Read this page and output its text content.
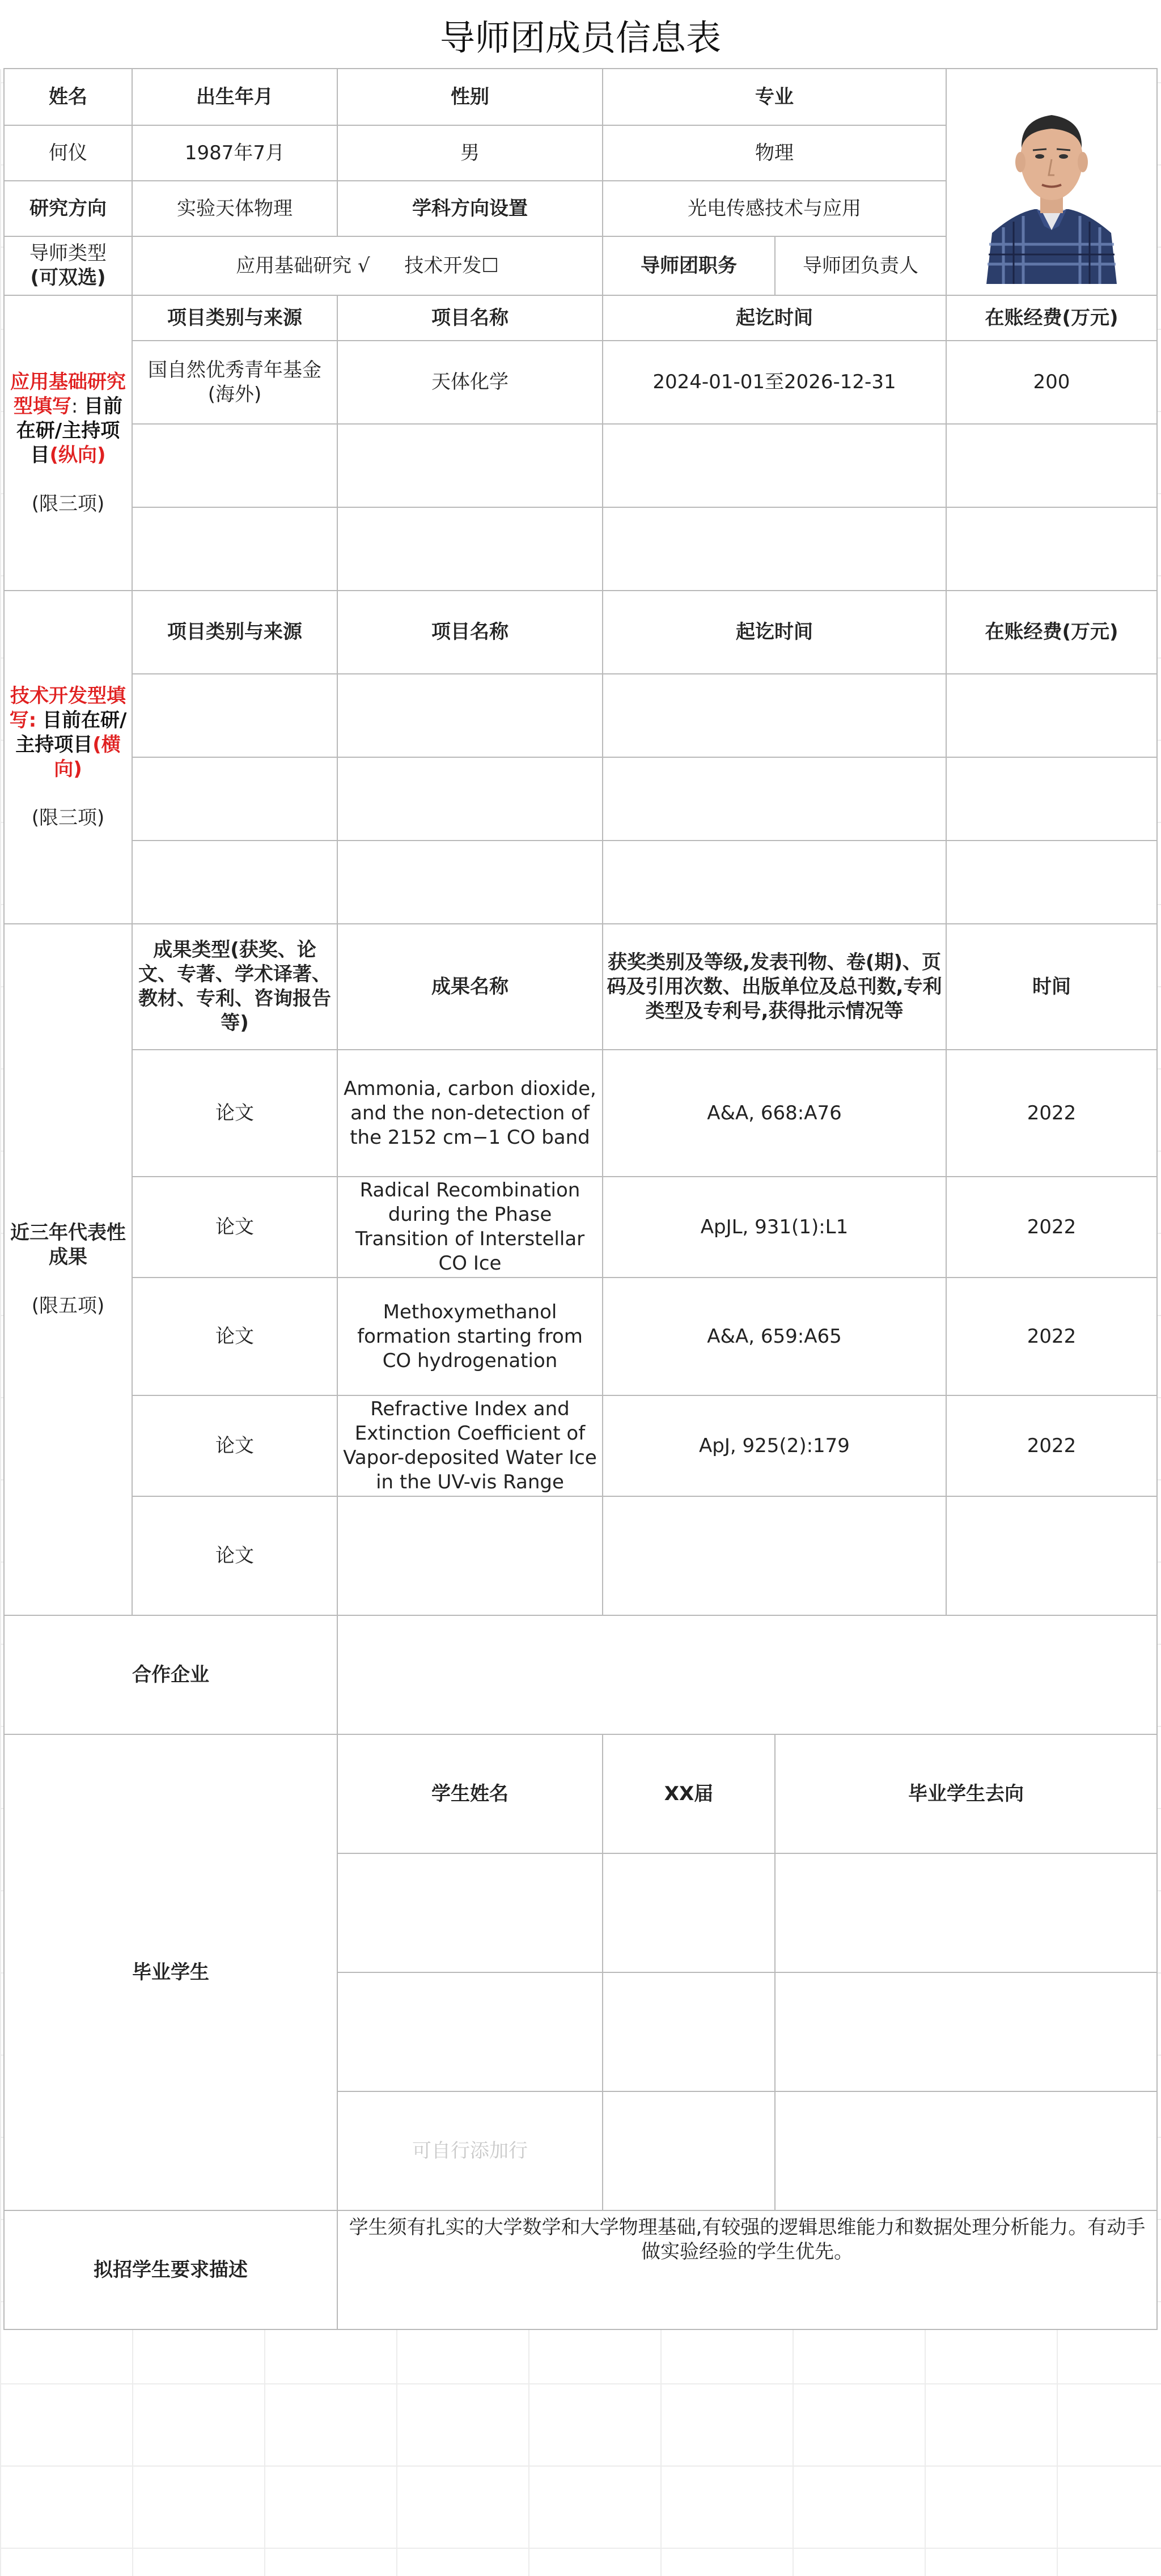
导师团成员信息表
姓名	出生年月	性别	专业	

何仪	1987年7月	男	物理		
研究方向	实验天体物理	学科方向设置	光电传感技术与应用		

导师类型
(可双选)	应用基础研究 √ 技术开发☐		导师团职务	导师团负责人	
应用基础研究型填写: 目前在研/主持项目(纵向)

(限三项)	项目类别与来源	项目名称	起讫时间		在账经费(万元)
	国自然优秀青年基金(海外)	天体化学	2024-01-01至2026-12-31		200

技术开发型填写: 目前在研/主持项目(横向)

(限三项)	项目类别与来源	项目名称	起讫时间		在账经费(万元)

近三年代表性成果

(限五项)	成果类型(获奖、论文、专著、学术译著、教材、专利、咨询报告等)	成果名称	获奖类别及等级,发表刊物、卷(期)、页码及引用次数、出版单位及总刊数,专利类型及专利号,获得批示情况等		时间
	论文	Ammonia, carbon dioxide, and the non-detection of the 2152 cm−1 CO band	A&A, 668:A76		2022
	论文	Radical Recombination during the Phase Transition of Interstellar CO Ice	ApJL, 931(1):L1		2022
	论文	Methoxymethanol formation starting from CO hydrogenation	A&A, 659:A65		2022
	论文	Refractive Index and Extinction Coefficient of Vapor-deposited Water Ice in the UV-vis Range	ApJ, 925(2):179		2022
	论文				
合作企业					
毕业学生		学生姓名	XX届	毕业学生去向	

		可自行添加行			
拟招学生要求描述		学生须有扎实的大学数学和大学物理基础,有较强的逻辑思维能力和数据处理分析能力。有动手做实验经验的学生优先。			
